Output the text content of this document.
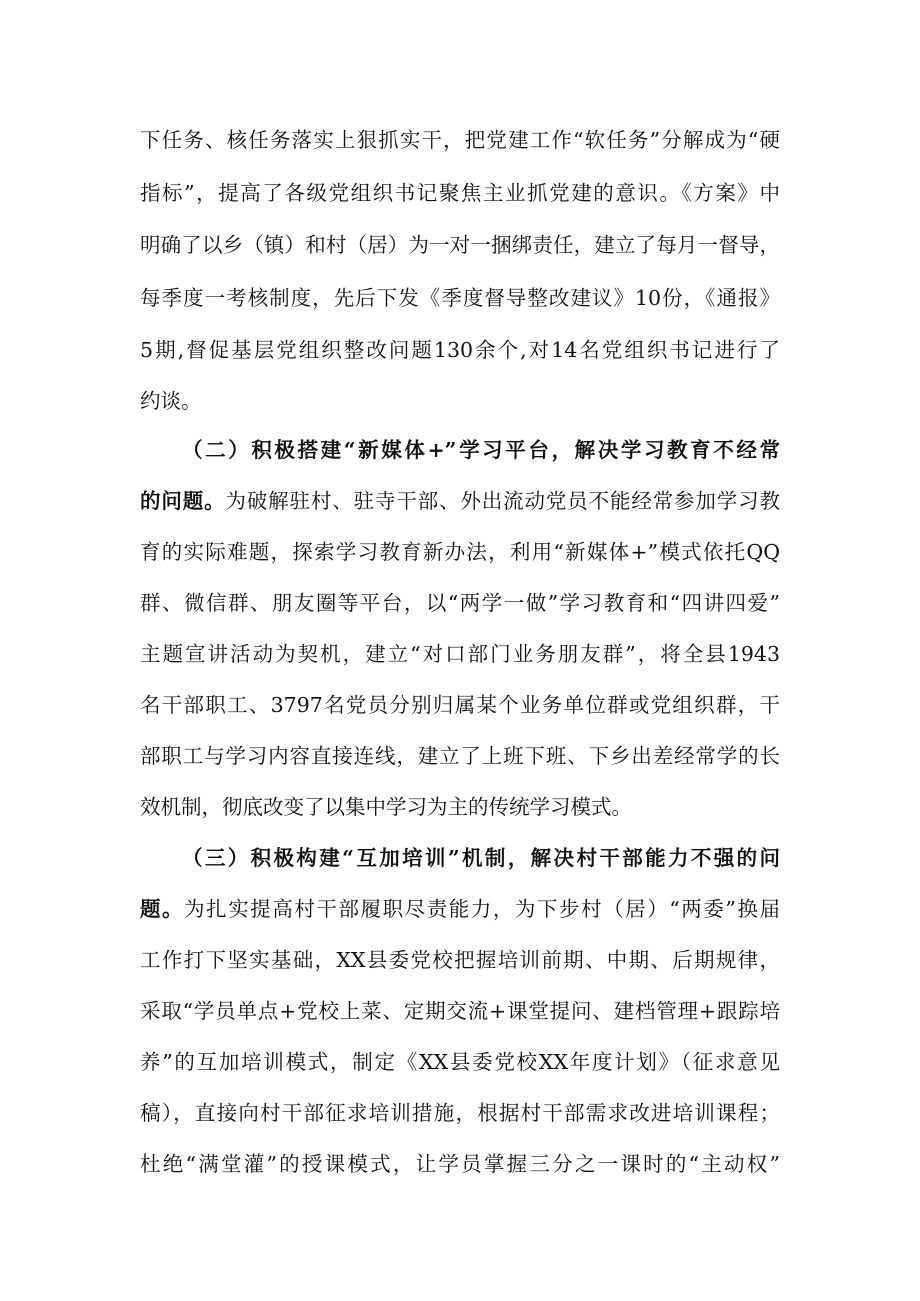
下任务、核任务落实上狠抓实干，把党建工作“软任务”分解成为“硬
指标”，提高了各级党组织书记聚焦主业抓党建的意识。《方案》中
明确了以乡（镇）和村（居）为一对一捆绑责任，建立了每月一督导，
每季度一考核制度，先后下发《季度督导整改建议》10份，《通报》
5期,督促基层党组织整改问题130余个,对14名党组织书记进行了
约谈。
（二）积极搭建“新媒体+”学习平台，解决学习教育不经常
的问题。为破解驻村、驻寺干部、外出流动党员不能经常参加学习教
育的实际难题，探索学习教育新办法，利用“新媒体+”模式依托QQ
群、微信群、朋友圈等平台，以“两学一做”学习教育和“四讲四爱”
主题宣讲活动为契机，建立“对口部门业务朋友群”，将全县1943
名干部职工、3797名党员分别归属某个业务单位群或党组织群，干
部职工与学习内容直接连线，建立了上班下班、下乡出差经常学的长
效机制，彻底改变了以集中学习为主的传统学习模式。
（三）积极构建“互加培训”机制，解决村干部能力不强的问
题。为扎实提高村干部履职尽责能力，为下步村（居）“两委”换届
工作打下坚实基础，XX县委党校把握培训前期、中期、后期规律，
采取“学员单点+党校上菜、定期交流+课堂提问、建档管理+跟踪培
养”的互加培训模式，制定《XX县委党校XX年度计划》（征求意见
稿），直接向村干部征求培训措施，根据村干部需求改进培训课程；
杜绝“满堂灌”的授课模式，让学员掌握三分之一课时的“主动权”
